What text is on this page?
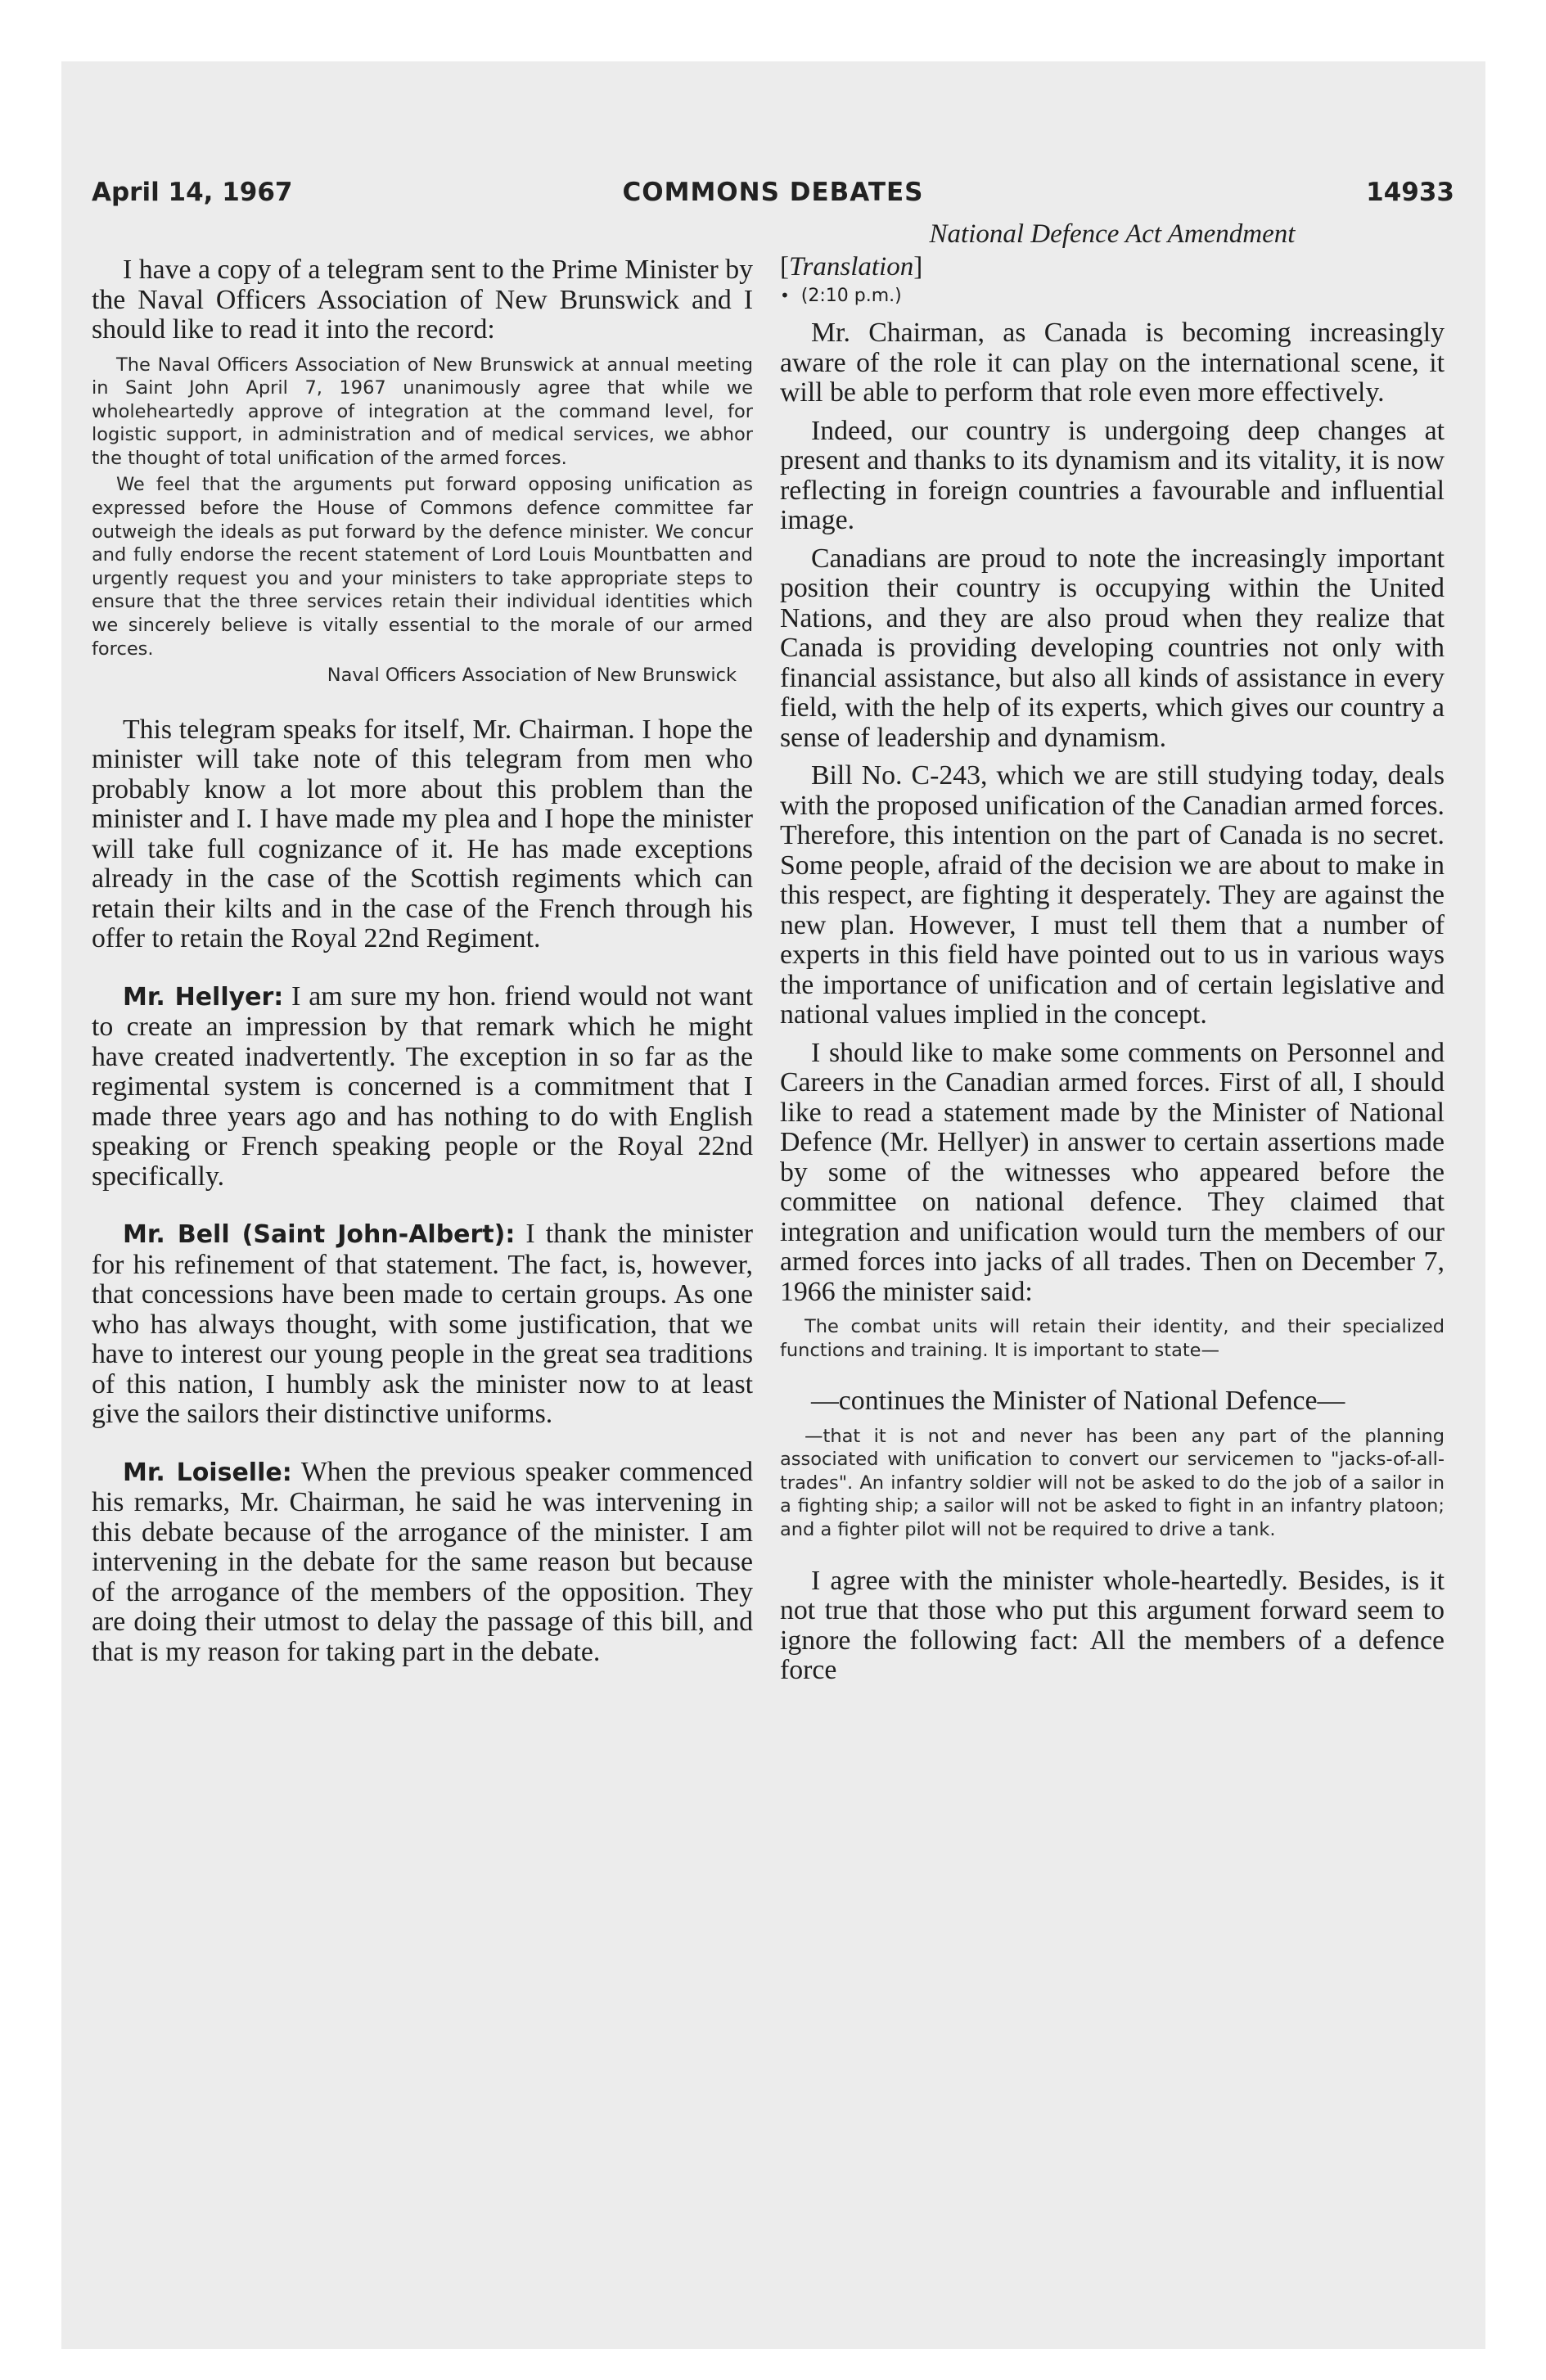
April 14, 1967	COMMONS DEBATES	14933

I have a copy of a telegram sent to the Prime Minister by the Naval Officers Association of New Brunswick and I should like to read it into the record:

The Naval Officers Association of New Brunswick at annual meeting in Saint John April 7, 1967 unanimously agree that while we wholeheartedly approve of integration at the command level, for logistic support, in administration and of medical services, we abhor the thought of total unification of the armed forces.

We feel that the arguments put forward opposing unification as expressed before the House of Commons defence committee far outweigh the ideals as put forward by the defence minister. We concur and fully endorse the recent statement of Lord Louis Mountbatten and urgently request you and your ministers to take appropriate steps to ensure that the three services retain their individual identities which we sincerely believe is vitally essential to the morale of our armed forces.

Naval Officers Association of New Brunswick

This telegram speaks for itself, Mr. Chairman. I hope the minister will take note of this telegram from men who probably know a lot more about this problem than the minister and I. I have made my plea and I hope the minister will take full cognizance of it. He has made exceptions already in the case of the Scottish regiments which can retain their kilts and in the case of the French through his offer to retain the Royal 22nd Regiment.

Mr. Hellyer: I am sure my hon. friend would not want to create an impression by that remark which he might have created inadvertently. The exception in so far as the regimental system is concerned is a commitment that I made three years ago and has nothing to do with English speaking or French speaking people or the Royal 22nd specifically.

Mr. Bell (Saint John-Albert): I thank the minister for his refinement of that statement. The fact, is, however, that concessions have been made to certain groups. As one who has always thought, with some justification, that we have to interest our young people in the great sea traditions of this nation, I humbly ask the minister now to at least give the sailors their distinctive uniforms.

Mr. Loiselle: When the previous speaker commenced his remarks, Mr. Chairman, he said he was intervening in this debate because of the arrogance of the minister. I am intervening in the debate for the same reason but because of the arrogance of the members of the opposition. They are doing their utmost to delay the passage of this bill, and that is my reason for taking part in the debate.

National Defence Act Amendment

[Translation]

• (2:10 p.m.)

Mr. Chairman, as Canada is becoming increasingly aware of the role it can play on the international scene, it will be able to perform that role even more effectively.

Indeed, our country is undergoing deep changes at present and thanks to its dynamism and its vitality, it is now reflecting in foreign countries a favourable and influential image.

Canadians are proud to note the increasingly important position their country is occupying within the United Nations, and they are also proud when they realize that Canada is providing developing countries not only with financial assistance, but also all kinds of assistance in every field, with the help of its experts, which gives our country a sense of leadership and dynamism.

Bill No. C-243, which we are still studying today, deals with the proposed unification of the Canadian armed forces. Therefore, this intention on the part of Canada is no secret. Some people, afraid of the decision we are about to make in this respect, are fighting it desperately. They are against the new plan. However, I must tell them that a number of experts in this field have pointed out to us in various ways the importance of unification and of certain legislative and national values implied in the concept.

I should like to make some comments on Personnel and Careers in the Canadian armed forces. First of all, I should like to read a statement made by the Minister of National Defence (Mr. Hellyer) in answer to certain assertions made by some of the witnesses who appeared before the committee on national defence. They claimed that integration and unification would turn the members of our armed forces into jacks of all trades. Then on December 7, 1966 the minister said:

The combat units will retain their identity, and their specialized functions and training. It is important to state—

—continues the Minister of National Defence—

—that it is not and never has been any part of the planning associated with unification to convert our servicemen to "jacks-of-all-trades". An infantry soldier will not be asked to do the job of a sailor in a fighting ship; a sailor will not be asked to fight in an infantry platoon; and a fighter pilot will not be required to drive a tank.

I agree with the minister whole-heartedly. Besides, is it not true that those who put this argument forward seem to ignore the following fact: All the members of a defence force
